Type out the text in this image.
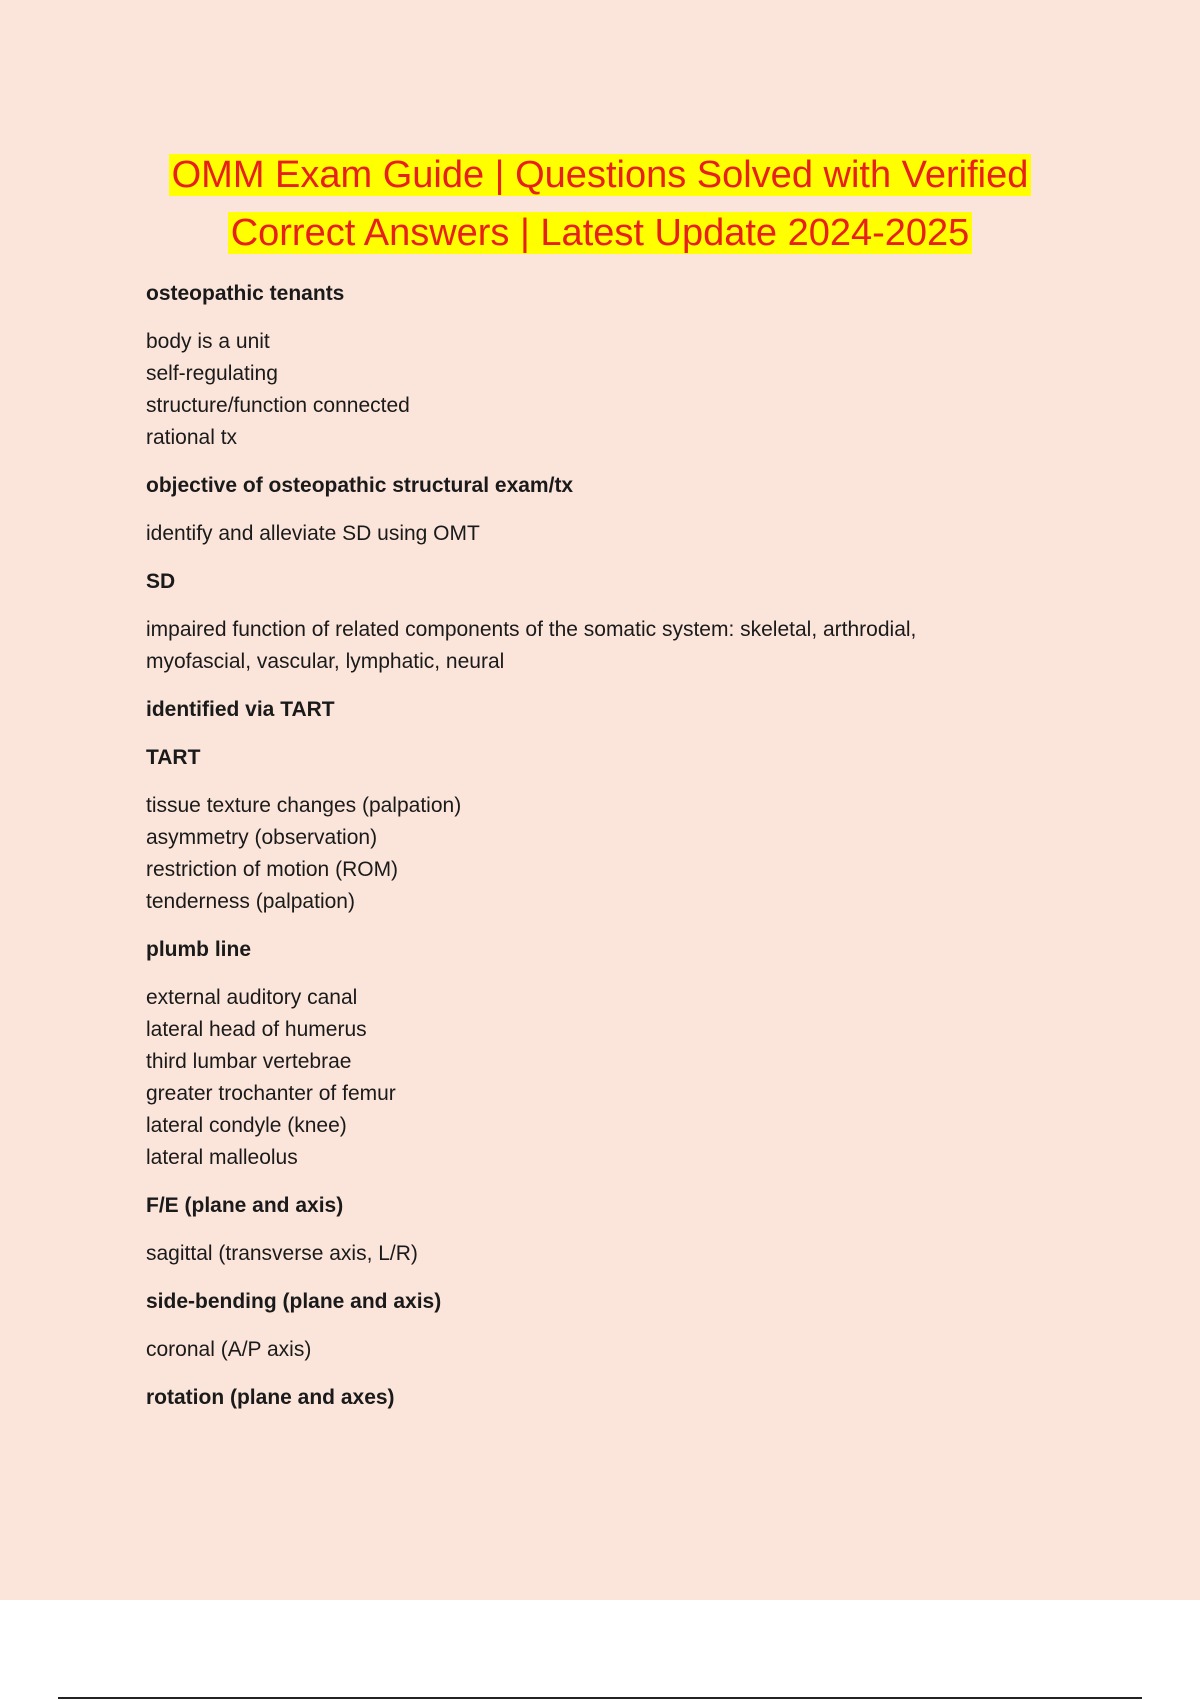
OMM Exam Guide | Questions Solved with Verified
Correct Answers | Latest Update 2024-2025
osteopathic tenants
body is a unit
self-regulating
structure/function connected
rational tx
objective of osteopathic structural exam/tx
identify and alleviate SD using OMT
SD
impaired function of related components of the somatic system: skeletal, arthrodial,
myofascial, vascular, lymphatic, neural
identified via TART
TART
tissue texture changes (palpation)
asymmetry (observation)
restriction of motion (ROM)
tenderness (palpation)
plumb line
external auditory canal
lateral head of humerus
third lumbar vertebrae
greater trochanter of femur
lateral condyle (knee)
lateral malleolus
F/E (plane and axis)
sagittal (transverse axis, L/R)
side-bending (plane and axis)
coronal (A/P axis)
rotation (plane and axes)
